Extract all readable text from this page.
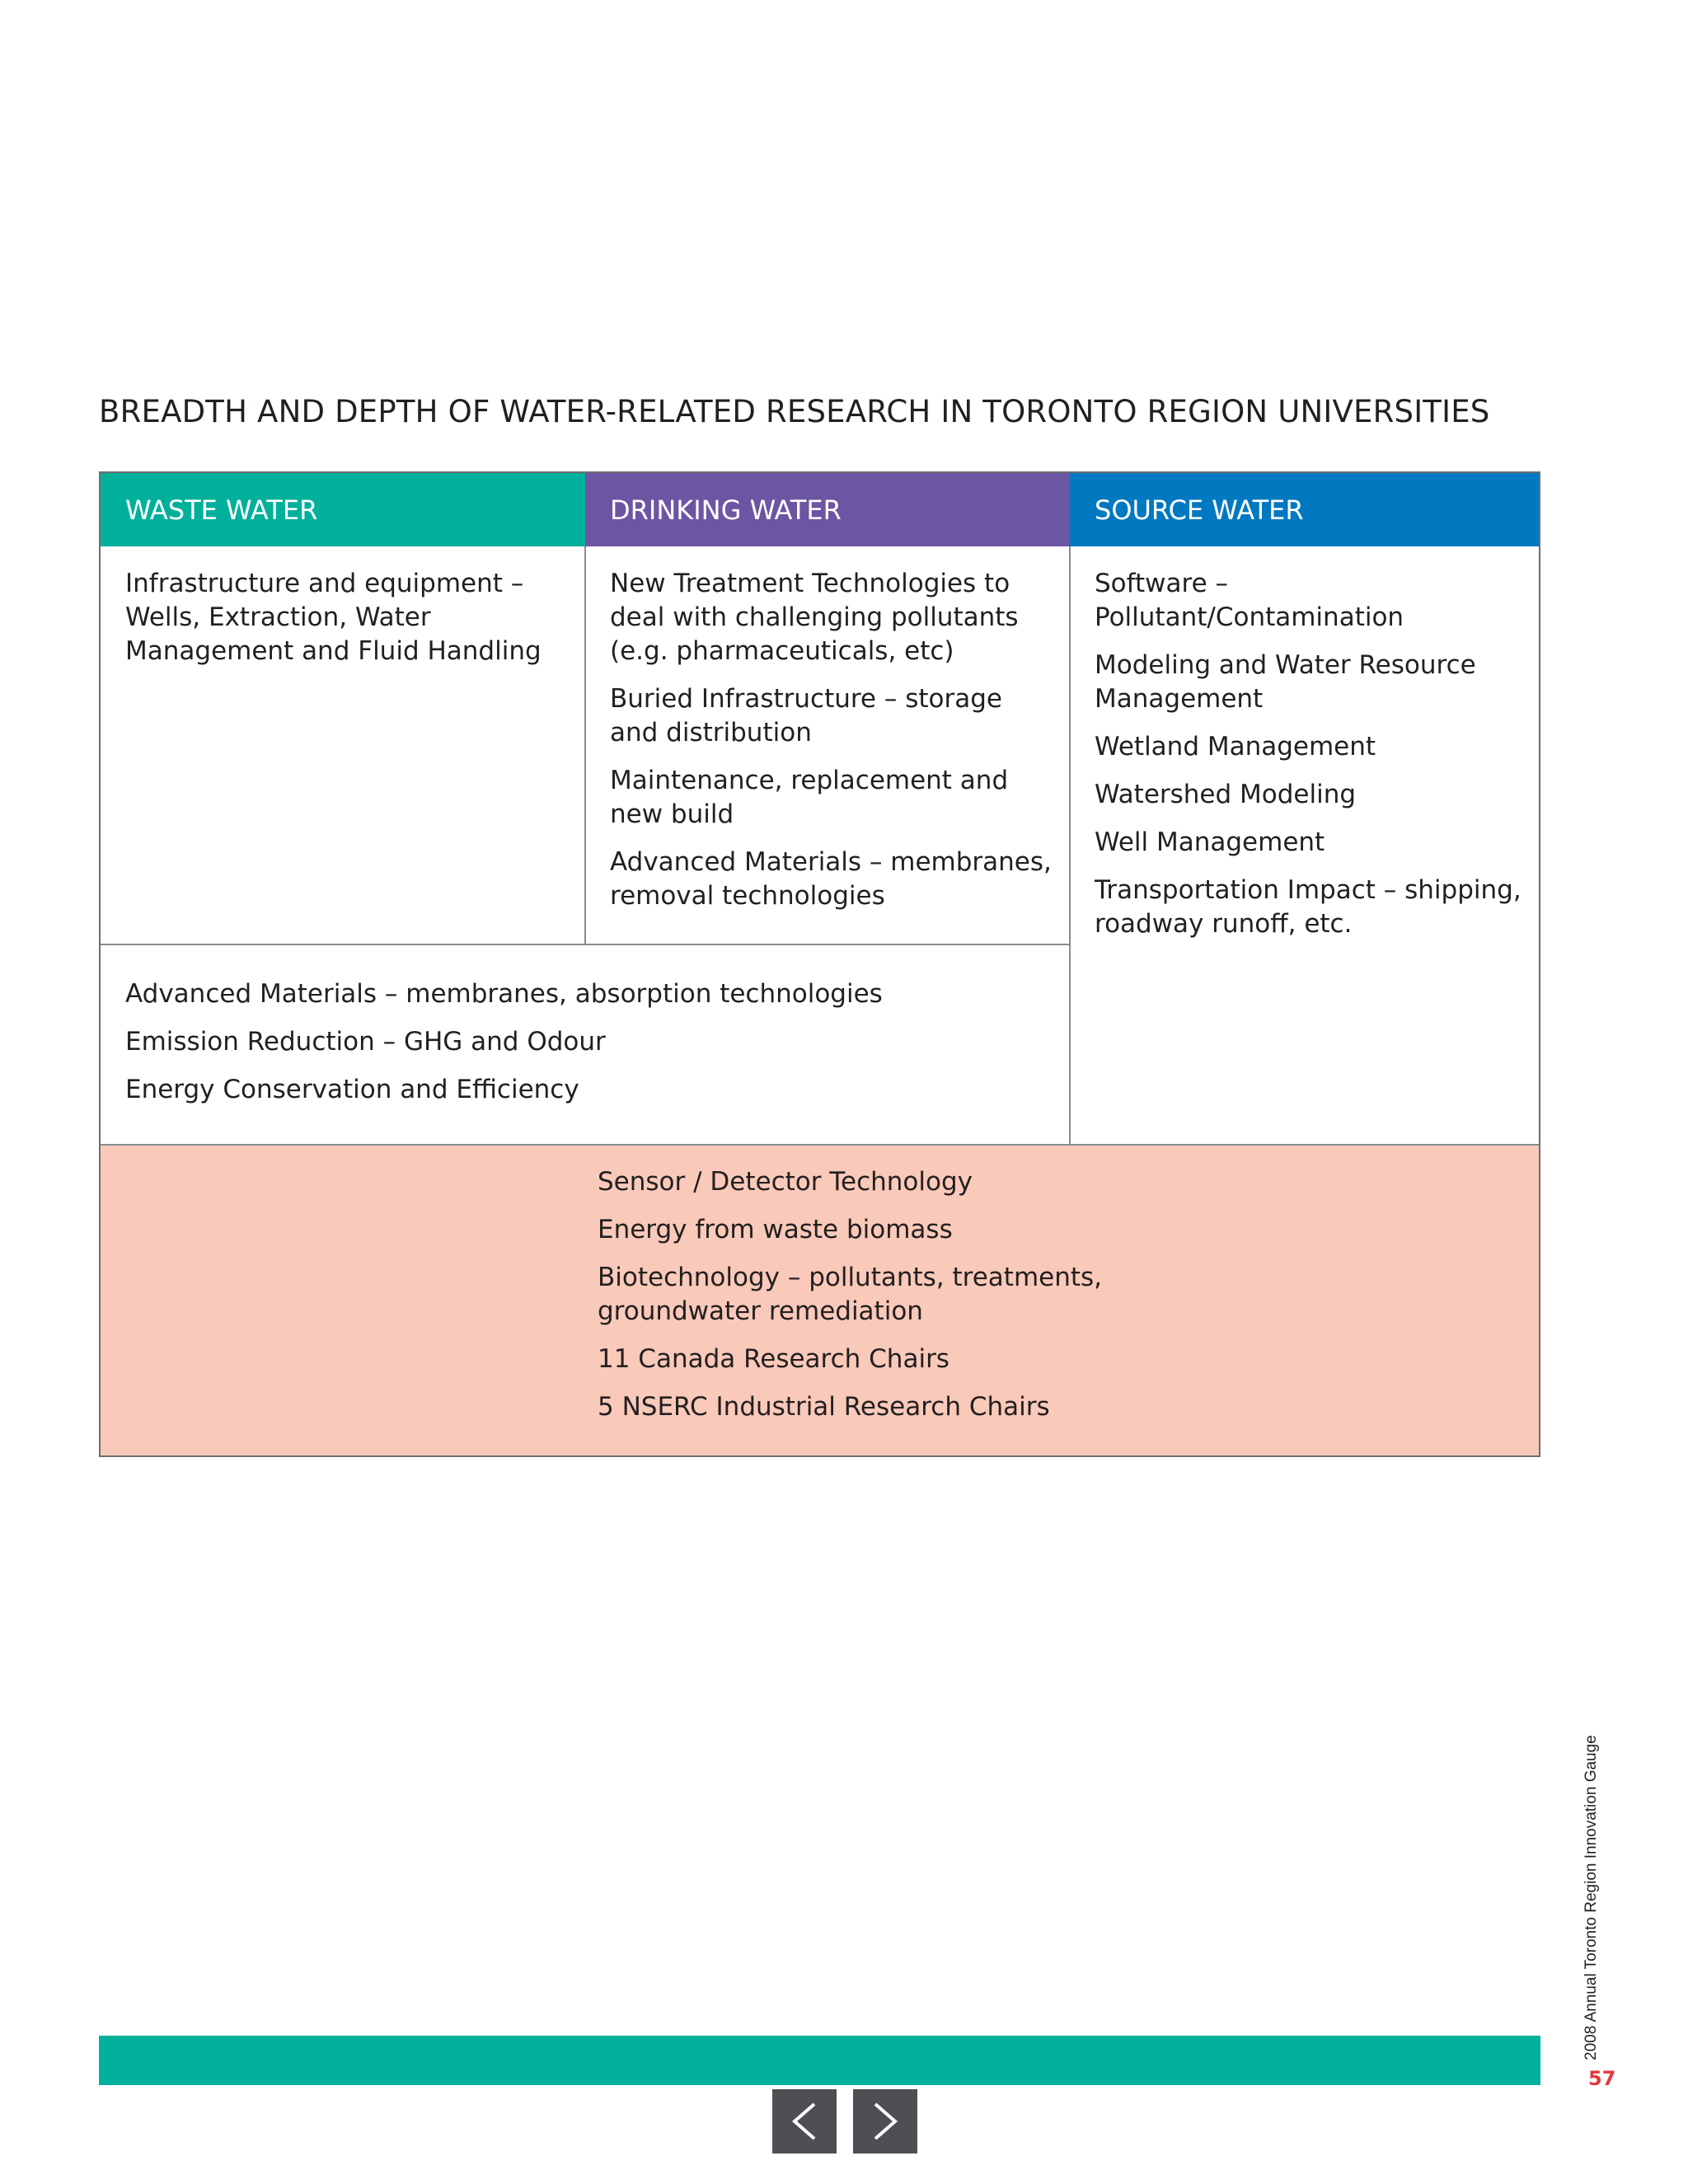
BREADTH AND DEPTH OF WATER-RELATED RESEARCH IN TORONTO REGION UNIVERSITIES
WASTE WATER	DRINKING WATER	SOURCE WATER
Infrastructure and equipment – Wells, Extraction, Water Management and Fluid Handling
New Treatment Technologies to deal with challenging pollutants (e.g. pharmaceuticals, etc)
Buried Infrastructure – storage and distribution
Maintenance, replacement and new build
Advanced Materials – membranes, removal technologies
Software – Pollutant/Contamination
Modeling and Water Resource Management
Wetland Management
Watershed Modeling
Well Management
Transportation Impact – shipping, roadway runoff, etc.
Advanced Materials – membranes, absorption technologies
Emission Reduction – GHG and Odour
Energy Conservation and Efficiency
Sensor / Detector Technology
Energy from waste biomass
Biotechnology – pollutants, treatments, groundwater remediation
11 Canada Research Chairs
5 NSERC Industrial Research Chairs
2008 Annual Toronto Region Innovation Gauge
57
